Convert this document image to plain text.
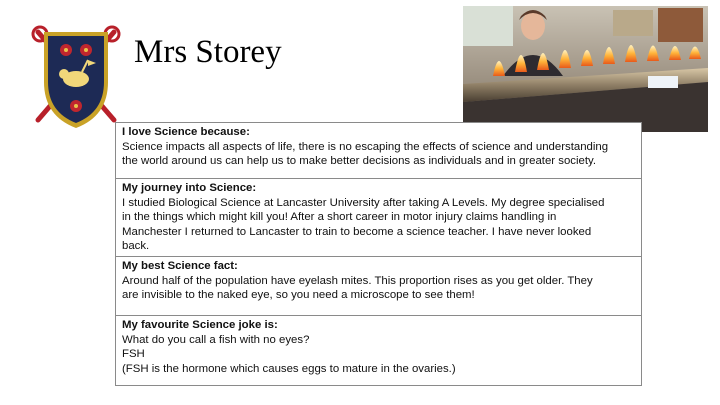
Mrs Storey
I love Science because:
Science impacts all aspects of life, there is no escaping the effects of science and understanding
the world around us can help us to make better decisions as individuals and in greater society.
My journey into Science:
I studied Biological Science at Lancaster University after taking A Levels. My degree specialised
in the things which might kill you! After a short career in motor injury claims handling in
Manchester I returned to Lancaster to train to become a science teacher. I have never looked
back.
My best Science fact:
Around half of the population have eyelash mites. This proportion rises as you get older. They
are invisible to the naked eye, so you need a microscope to see them!
My favourite Science joke is:
What do you call a fish with no eyes?
FSH
(FSH is the hormone which causes eggs to mature in the ovaries.)
